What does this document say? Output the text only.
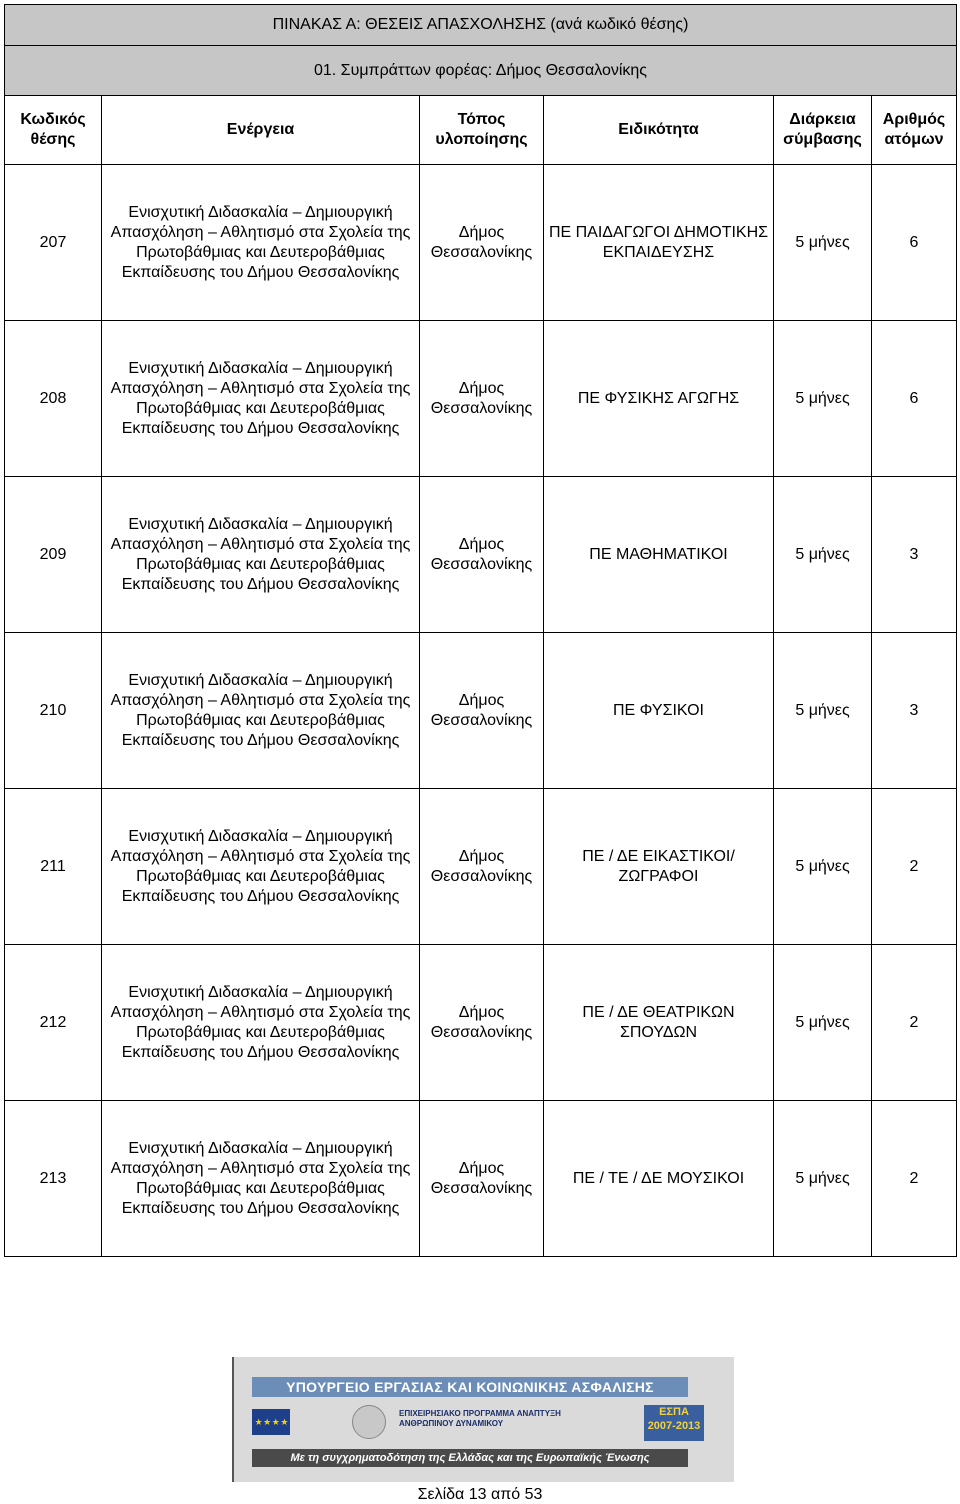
ΠΙΝΑΚΑΣ Α: ΘΕΣΕΙΣ ΑΠΑΣΧΟΛΗΣΗΣ (ανά κωδικό θέσης)					
01. Συμπράττων φορέας: Δήμος Θεσσαλονίκης					
Κωδικός θέσης	Ενέργεια	Τόπος υλοποίησης	Ειδικότητα	Διάρκεια σύμβασης	Αριθμός ατόμων
207	Ενισχυτική Διδασκαλία – Δημιουργική Απασχόληση – Αθλητισμό στα Σχολεία της Πρωτοβάθμιας και Δευτεροβάθμιας Εκπαίδευσης του Δήμου Θεσσαλονίκης	Δήμος Θεσσαλονίκης	ΠΕ ΠΑΙΔΑΓΩΓΟΙ ΔΗΜΟΤΙΚΗΣ ΕΚΠΑΙΔΕΥΣΗΣ	5 μήνες	6
208	Ενισχυτική Διδασκαλία – Δημιουργική Απασχόληση – Αθλητισμό στα Σχολεία της Πρωτοβάθμιας και Δευτεροβάθμιας Εκπαίδευσης του Δήμου Θεσσαλονίκης	Δήμος Θεσσαλονίκης	ΠΕ ΦΥΣΙΚΗΣ ΑΓΩΓΗΣ	5 μήνες	6
209	Ενισχυτική Διδασκαλία – Δημιουργική Απασχόληση – Αθλητισμό στα Σχολεία της Πρωτοβάθμιας και Δευτεροβάθμιας Εκπαίδευσης του Δήμου Θεσσαλονίκης	Δήμος Θεσσαλονίκης	ΠΕ ΜΑΘΗΜΑΤΙΚΟΙ	5 μήνες	3
210	Ενισχυτική Διδασκαλία – Δημιουργική Απασχόληση – Αθλητισμό στα Σχολεία της Πρωτοβάθμιας και Δευτεροβάθμιας Εκπαίδευσης του Δήμου Θεσσαλονίκης	Δήμος Θεσσαλονίκης	ΠΕ ΦΥΣΙΚΟΙ	5 μήνες	3
211	Ενισχυτική Διδασκαλία – Δημιουργική Απασχόληση – Αθλητισμό στα Σχολεία της Πρωτοβάθμιας και Δευτεροβάθμιας Εκπαίδευσης του Δήμου Θεσσαλονίκης	Δήμος Θεσσαλονίκης	ΠΕ / ΔΕ ΕΙΚΑΣΤΙΚΟΙ/ΖΩΓΡΑΦΟΙ	5 μήνες	2
212	Ενισχυτική Διδασκαλία – Δημιουργική Απασχόληση – Αθλητισμό στα Σχολεία της Πρωτοβάθμιας και Δευτεροβάθμιας Εκπαίδευσης του Δήμου Θεσσαλονίκης	Δήμος Θεσσαλονίκης	ΠΕ / ΔΕ ΘΕΑΤΡΙΚΩΝ ΣΠΟΥΔΩΝ	5 μήνες	2
213	Ενισχυτική Διδασκαλία – Δημιουργική Απασχόληση – Αθλητισμό στα Σχολεία της Πρωτοβάθμιας και Δευτεροβάθμιας Εκπαίδευσης του Δήμου Θεσσαλονίκης	Δήμος Θεσσαλονίκης	ΠΕ / ΤΕ / ΔΕ ΜΟΥΣΙΚΟΙ	5 μήνες	2
ΥΠΟΥΡΓΕΙΟ ΕΡΓΑΣΙΑΣ ΚΑΙ ΚΟΙΝΩΝΙΚΗΣ ΑΣΦΑΛΙΣΗΣ
★ ★ ★ ★
ΕΠΙΧΕΙΡΗΣΙΑΚΟ ΠΡΟΓΡΑΜΜΑ ΑΝΑΠΤΥΞΗ ΑΝΘΡΩΠΙΝΟΥ ΔΥΝΑΜΙΚΟΥ
ΕΣΠΑ 2007-2013
Με τη συγχρηματοδότηση της Ελλάδας και της Ευρωπαϊκής Ένωσης
Σελίδα 13 από 53
